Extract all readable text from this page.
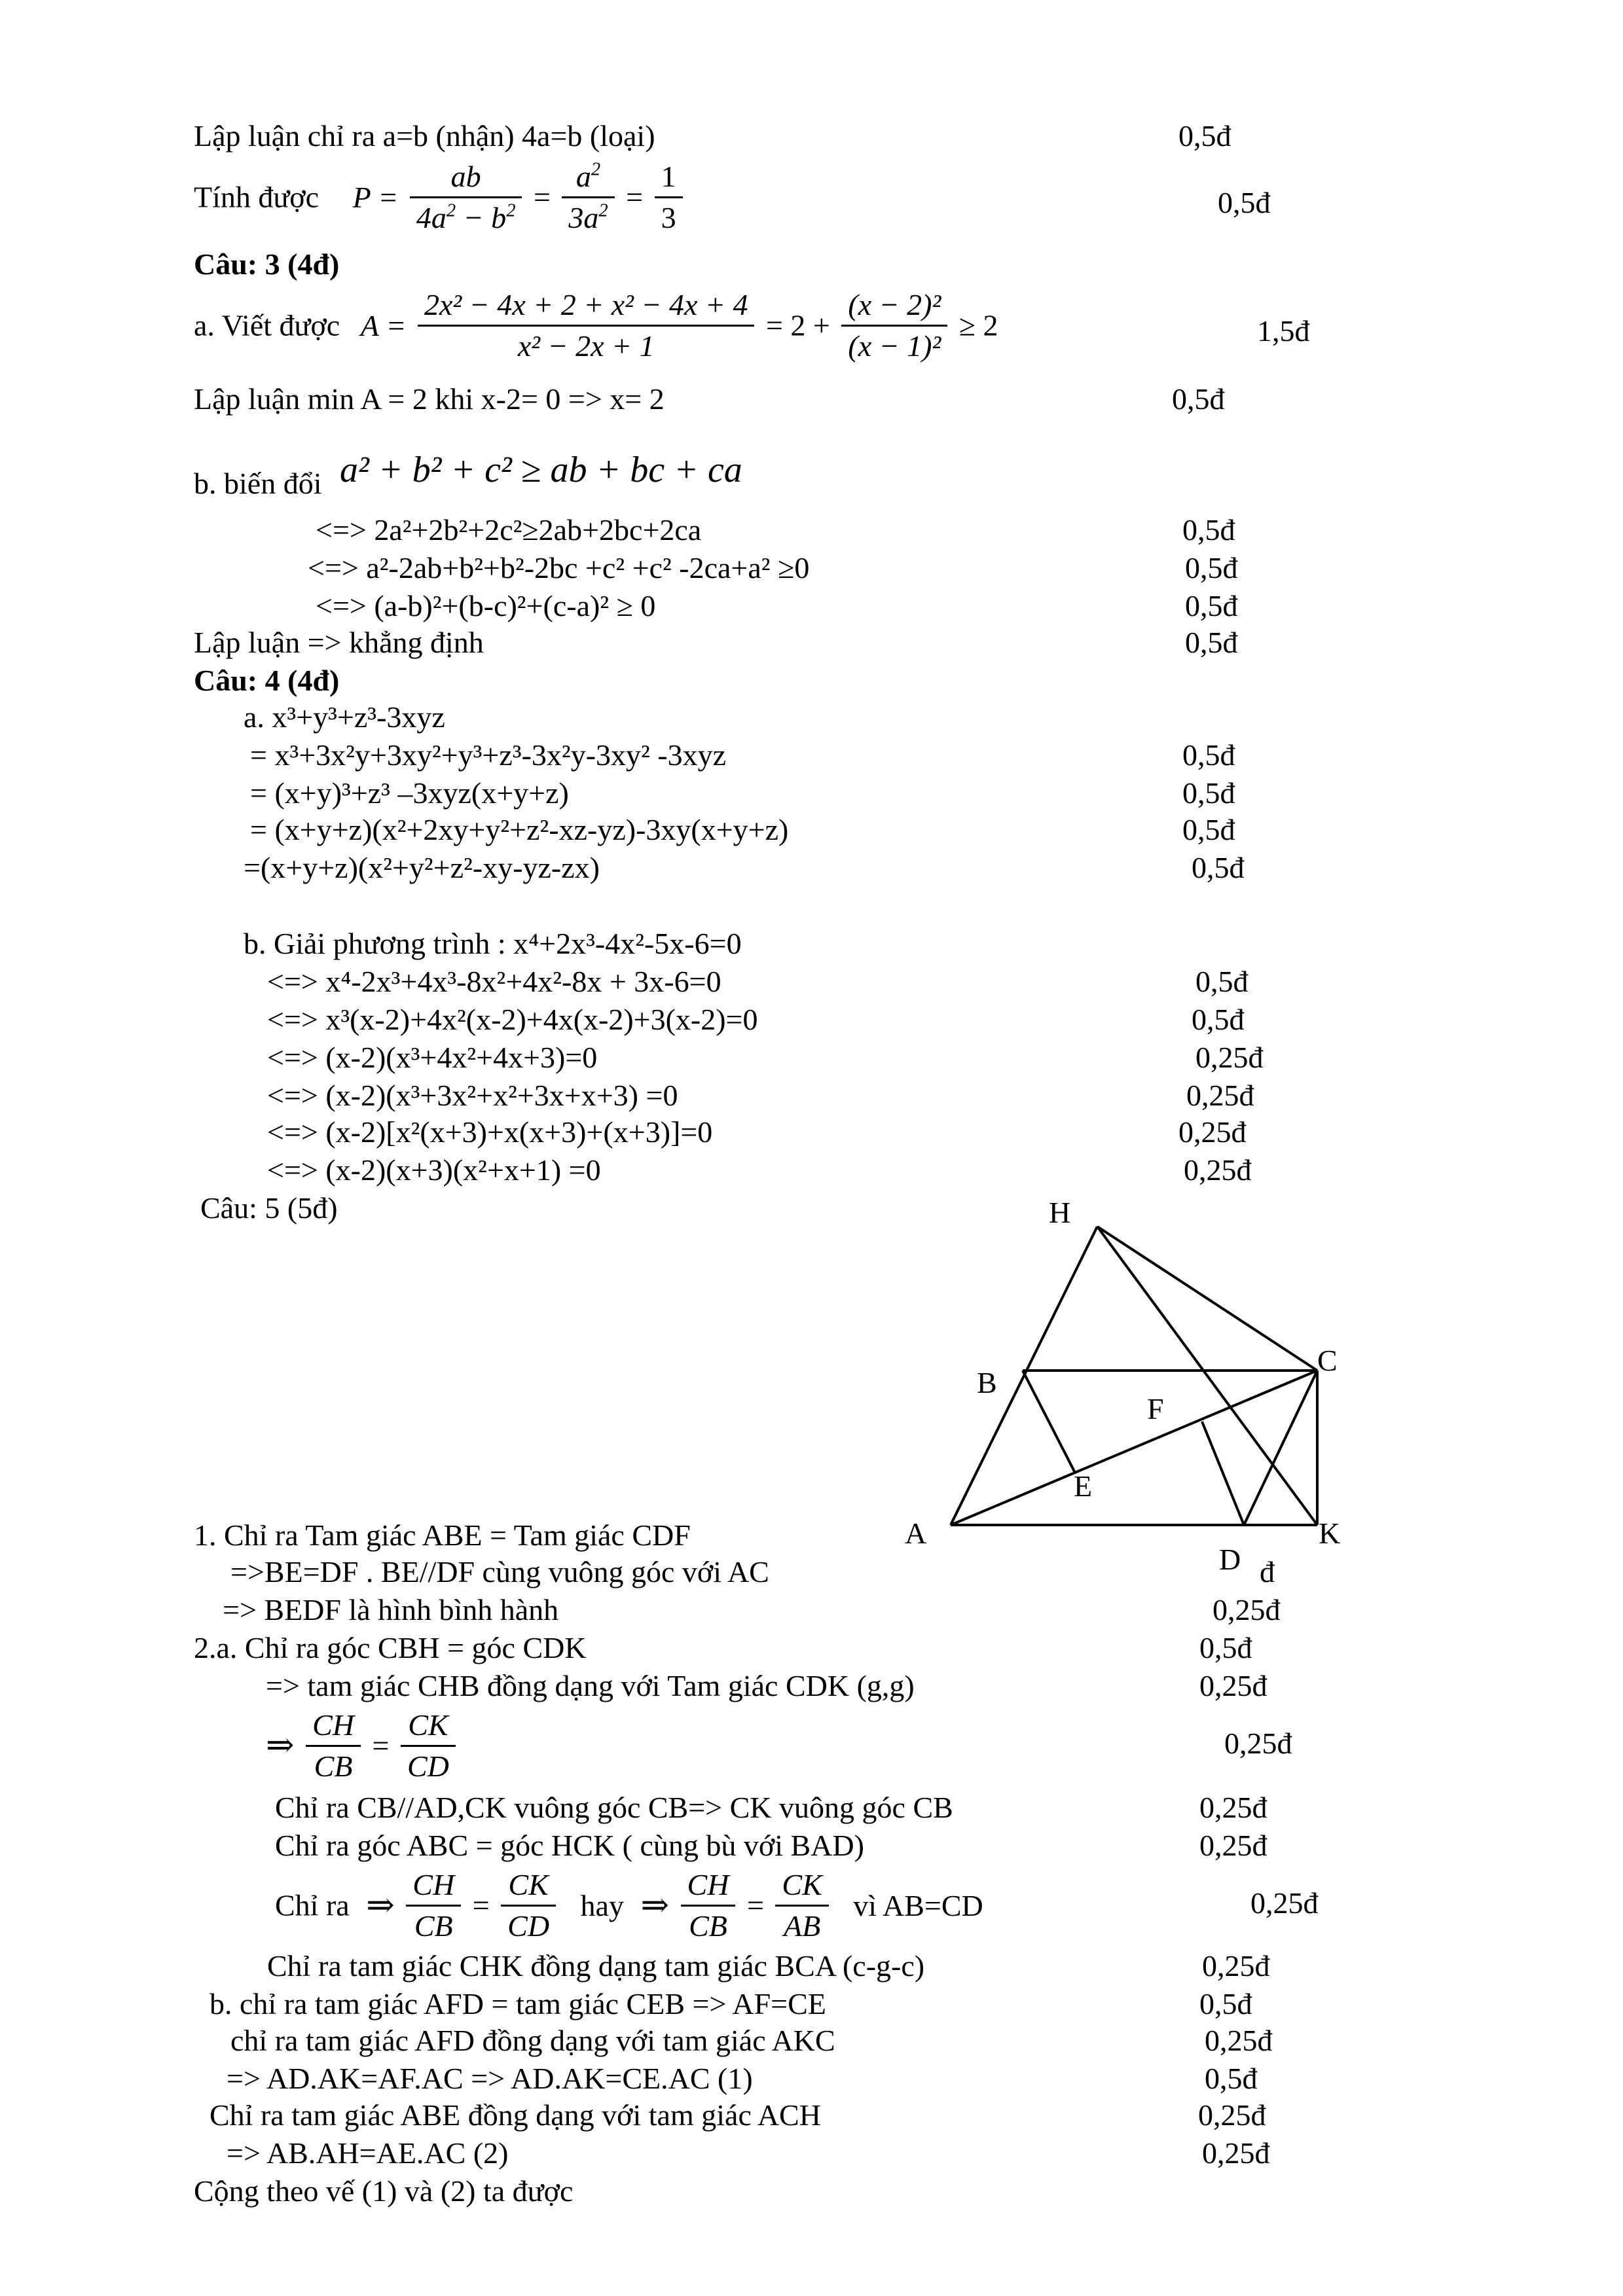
Lập luận chỉ ra a=b (nhận) 4a=b (loại)	0,5đ
Tính được $P = \frac{ab}{4a^2 - b^2} = \frac{a^2}{3a^2} = \frac{1}{3}$	0,5đ
Câu: 3 (4đ)
a. Viết được $A = \frac{\text{2x² − 4x + 2 + x² − 4x + 4}}{\text{x² − 2x + 1}} = 2 + \frac{\text{(x − 2)²}}{\text{(x − 1)²}} \ge 2$	1,5đ
Lập luận min A = 2 khi x-2= 0 => x= 2	0,5đ
b. biến đổi a² + b² + c² ≥ ab + bc + ca
<=> 2a²+2b²+2c²≥2ab+2bc+2ca	0,5đ
<=> a²-2ab+b²+b²-2bc +c² +c² -2ca+a² ≥0	0,5đ
<=> (a-b)²+(b-c)²+(c-a)² ≥ 0	0,5đ
Lập luận => khẳng định	0,5đ
Câu: 4 (4đ)
a. x³+y³+z³-3xyz
= x³+3x²y+3xy²+y³+z³-3x²y-3xy² -3xyz	0,5đ
= (x+y)³+z³ –3xyz(x+y+z)	0,5đ
= (x+y+z)(x²+2xy+y²+z²-xz-yz)-3xy(x+y+z)	0,5đ
=(x+y+z)(x²+y²+z²-xy-yz-zx)	0,5đ
b. Giải phương trình : x⁴+2x³-4x²-5x-6=0
<=> x⁴-2x³+4x³-8x²+4x²-8x + 3x-6=0	0,5đ
<=> x³(x-2)+4x²(x-2)+4x(x-2)+3(x-2)=0	0,5đ
<=> (x-2)(x³+4x²+4x+3)=0	0,25đ
<=> (x-2)(x³+3x²+x²+3x+x+3) =0	0,25đ
<=> (x-2)[x²(x+3)+x(x+3)+(x+3)]=0	0,25đ
<=> (x-2)(x+3)(x²+x+1) =0	0,25đ
Câu: 5 (5đ)	H
B
C
F
E
A	K
D
1. Chỉ ra Tam giác ABE = Tam giác CDF
=>BE=DF . BE//DF cùng vuông góc với AC	đ
=> BEDF là hình bình hành	0,25đ
2.a. Chỉ ra góc CBH = góc CDK	0,5đ
=> tam giác CHB đồng dạng với Tam giác CDK (g,g)	0,25đ
⇒ $\frac{CH}{CB} = \frac{CK}{CD}$	0,25đ
Chỉ ra CB//AD,CK vuông góc CB=> CK vuông góc CB	0,25đ
Chỉ ra góc ABC = góc HCK ( cùng bù với BAD)	0,25đ
Chỉ ra ⇒ $\frac{CH}{CB} = \frac{CK}{CD}$ hay ⇒ $\frac{CH}{CB} = \frac{CK}{AB}$ vì AB=CD	0,25đ
Chỉ ra tam giác CHK đồng dạng tam giác BCA (c-g-c)	0,25đ
b. chỉ ra tam giác AFD = tam giác CEB => AF=CE	0,5đ
chỉ ra tam giác AFD đồng dạng với tam giác AKC	0,25đ
=> AD.AK=AF.AC => AD.AK=CE.AC (1)	0,5đ
Chỉ ra tam giác ABE đồng dạng với tam giác ACH	0,25đ
=> AB.AH=AE.AC (2)	0,25đ
Cộng theo vế (1) và (2) ta được
